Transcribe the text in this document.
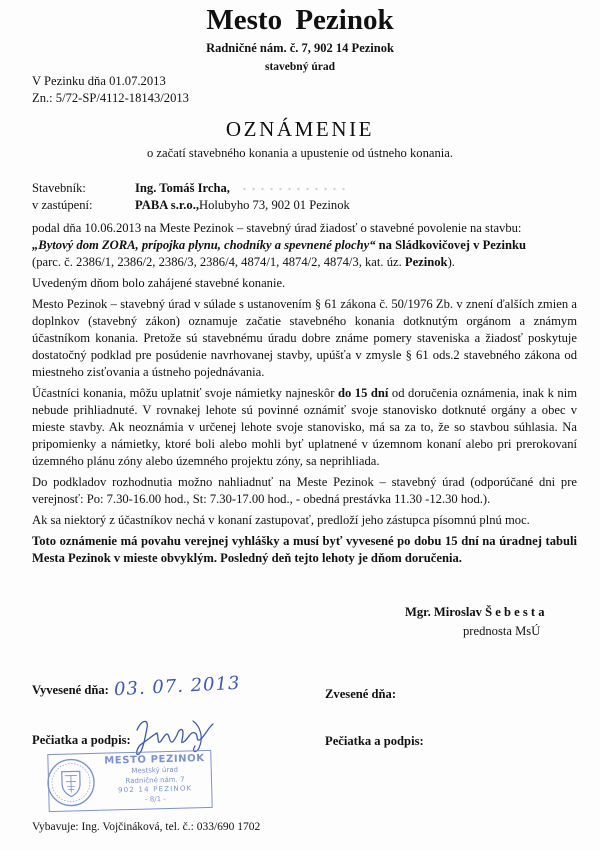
Mesto Pezinok
Radničné nám. č. 7, 902 14 Pezinok
stavebný úrad
V Pezinku dňa 01.07.2013
Zn.: 5/72-SP/4112-18143/2013
OZNÁMENIE
o začatí stavebného konania a upustenie od ústneho konania.
Stavebník:	Ing. Tomáš Ircha,
v zastúpení:	PABA s.r.o., Holubyho 73, 902 01 Pezinok

podal dňa 10.06.2013 na Meste Pezinok – stavebný úrad žiadosť o stavebné povolenie na stavbu:
„Bytový dom ZORA, prípojka plynu, chodníky a spevnené plochy“ na Sládkovičovej v Pezinku
(parc. č. 2386/1, 2386/2, 2386/3, 2386/4, 4874/1, 4874/2, 4874/3, kat. úz. Pezinok).

Uvedeným dňom bolo zahájené stavebné konanie.

Mesto Pezinok – stavebný úrad v súlade s ustanovením § 61 zákona č. 50/1976 Zb. v znení ďalších zmien a doplnkov (stavebný zákon) oznamuje začatie stavebného konania dotknutým orgánom a známym účastníkom konania. Pretože sú stavebnému úradu dobre známe pomery staveniska a žiadosť poskytuje dostatočný podklad pre posúdenie navrhovanej stavby, upúšťa v zmysle § 61 ods.2 stavebného zákona od miestneho zisťovania a ústneho pojednávania.

Účastníci konania, môžu uplatniť svoje námietky najneskôr do 15 dní od doručenia oznámenia, inak k nim nebude prihliadnuté. V rovnakej lehote sú povinné oznámiť svoje stanovisko dotknuté orgány a obec v mieste stavby. Ak neoznámia v určenej lehote svoje stanovisko, má sa za to, že so stavbou súhlasia. Na pripomienky a námietky, ktoré boli alebo mohli byť uplatnené v územnom konaní alebo pri prerokovaní územného plánu zóny alebo územného projektu zóny, sa neprihliada.

Do podkladov rozhodnutia možno nahliadnuť na Meste Pezinok – stavebný úrad (odporúčané dni pre verejnosť: Po: 7.30-16.00 hod., St: 7.30-17.00 hod., - obedná prestávka 11.30 -12.30 hod.).

Ak sa niektorý z účastníkov nechá v konaní zastupovať, predloží jeho zástupca písomnú plnú moc.

Toto oznámenie má povahu verejnej vyhlášky a musí byť vyvesené po dobu 15 dní na úradnej tabuli Mesta Pezinok v mieste obvyklým. Posledný deň tejto lehoty je dňom doručenia.

Mgr. Miroslav Š e b e s t a
prednosta MsÚ
Vyvesené dňa: 03. 07. 2013	Zvesené dňa:
Pečiatka a podpis:	Pečiatka a podpis:
MESTO PEZINOK
Mestský úrad
Radničné nám. 7
902 14 PEZINOK
- 8/1 -
Vybavuje: Ing. Vojčináková, tel. č.: 033/690 1702
